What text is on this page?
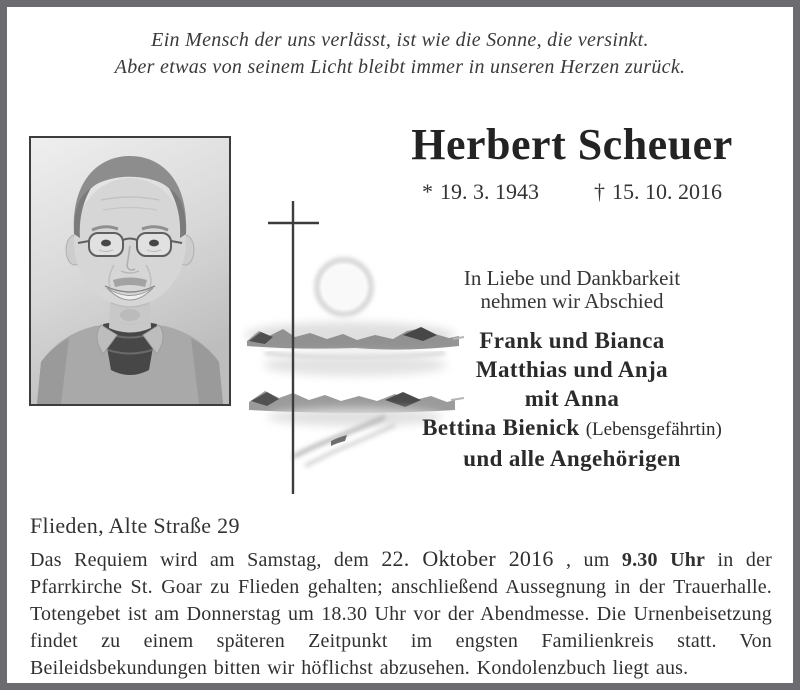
Ein Mensch der uns verlässt, ist wie die Sonne, die versinkt.
Aber etwas von seinem Licht bleibt immer in unseren Herzen zurück.
Herbert Scheuer
* 19. 3. 1943	† 15. 10. 2016
In Liebe und Dankbarkeit
nehmen wir Abschied
Frank und Bianca
Matthias und Anja
mit Anna
Bettina Bienick (Lebensgefährtin)
und alle Angehörigen
Flieden, Alte Straße 29
Das Requiem wird am Samstag, dem 22. Oktober 2016 , um 9.30 Uhr in der Pfarrkirche St. Goar zu Flieden gehalten; anschließend Aussegnung in der Trauerhalle. Totengebet ist am Donnerstag um 18.30 Uhr vor der Abendmesse. Die Urnenbeisetzung findet zu einem späteren Zeitpunkt im engsten Familienkreis statt. Von Beileidsbekundungen bitten wir höflichst abzusehen. Kondolenzbuch liegt aus.
